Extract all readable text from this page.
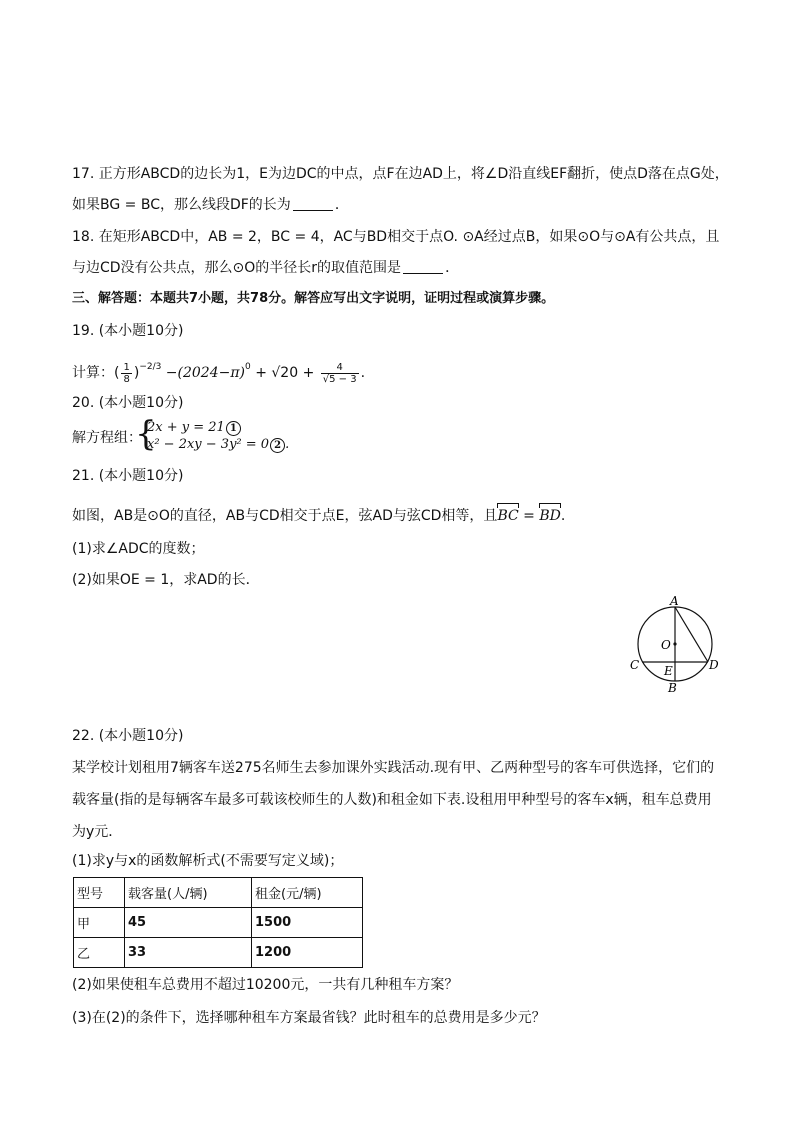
17. 正方形ABCD的边长为1，E为边DC的中点，点F在边AD上，将∠D沿直线EF翻折，使点D落在点G处，
如果BG = BC，那么线段DF的长为	．
18. 在矩形ABCD中，AB = 2，BC = 4，AC与BD相交于点O. ⊙A经过点B，如果⊙O与⊙A有公共点，且
与边CD没有公共点，那么⊙O的半径长r的取值范围是	．
三、解答题：本题共7小题，共78分。解答应写出文字说明，证明过程或演算步骤。
19. (本小题10分)
计算：( $\frac{1}{8} )^{-2/3} -(2024-\pi)^0 + √20 + \frac{4}{√5 - 3}$ .
20. (本小题10分)
解方程组：
{
2x + y = 21 1
x² − 2xy − 3y² = 0 2 .
21. (本小题10分)
如图，AB是⊙O的直径，AB与CD相交于点E，弦AD与弦CD相等，且BC = BD.
(1)求∠ADC的度数；
(2)如果OE = 1，求AD的长．
A
O
C E	D
B
22. (本小题10分)
某学校计划租用7辆客车送275名师生去参加课外实践活动.现有甲、乙两种型号的客车可供选择，它们的
载客量(指的是每辆客车最多可载该校师生的人数)和租金如下表.设租用甲种型号的客车x辆，租车总费用
为y元．
(1)求y与x的函数解析式(不需要写定义域)；
型号	载客量(人/辆)	租金(元/辆)
甲	45	1500
乙	33	1200
(2)如果使租车总费用不超过10200元，一共有几种租车方案？
(3)在(2)的条件下，选择哪种租车方案最省钱？此时租车的总费用是多少元？
